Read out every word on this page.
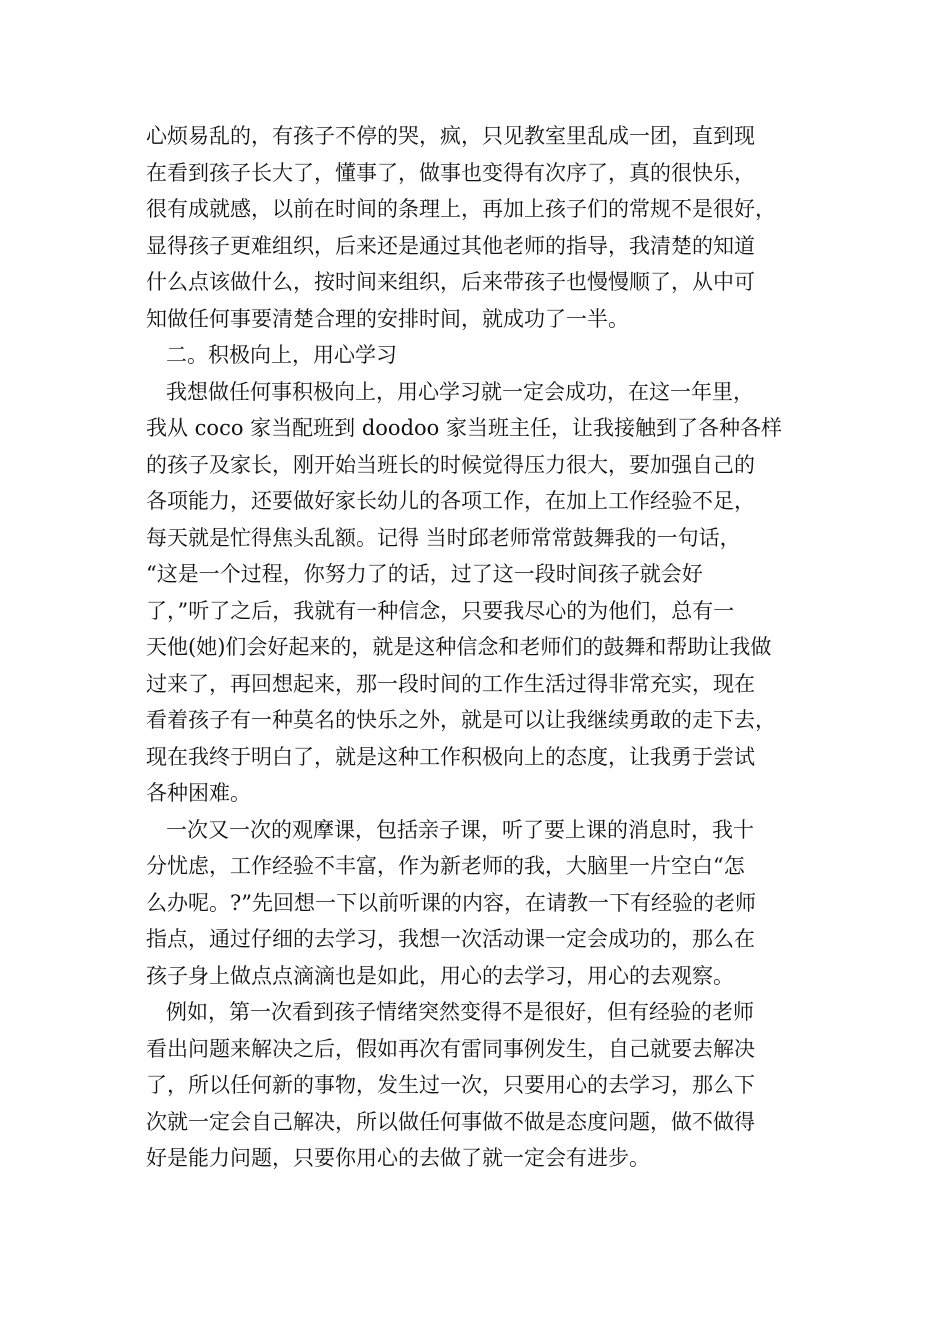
心烦易乱的，有孩子不停的哭，疯，只见教室里乱成一团，直到现
在看到孩子长大了，懂事了，做事也变得有次序了，真的很快乐，
很有成就感，以前在时间的条理上，再加上孩子们的常规不是很好，
显得孩子更难组织，后来还是通过其他老师的指导，我清楚的知道
什么点该做什么，按时间来组织，后来带孩子也慢慢顺了，从中可
知做任何事要清楚合理的安排时间，就成功了一半。
二。积极向上，用心学习
我想做任何事积极向上，用心学习就一定会成功，在这一年里，
我从 coco 家当配班到 doodoo 家当班主任，让我接触到了各种各样
的孩子及家长，刚开始当班长的时候觉得压力很大，要加强自己的
各项能力，还要做好家长幼儿的各项工作，在加上工作经验不足，
每天就是忙得焦头乱额。记得 当时邱老师常常鼓舞我的一句话，
“这是一个过程，你努力了的话，过了这一段时间孩子就会好
了，”听了之后，我就有一种信念，只要我尽心的为他们，总有一
天他(她)们会好起来的，就是这种信念和老师们的鼓舞和帮助让我做
过来了，再回想起来，那一段时间的工作生活过得非常充实，现在
看着孩子有一种莫名的快乐之外，就是可以让我继续勇敢的走下去，
现在我终于明白了，就是这种工作积极向上的态度，让我勇于尝试
各种困难。
一次又一次的观摩课，包括亲子课，听了要上课的消息时，我十
分忧虑，工作经验不丰富，作为新老师的我，大脑里一片空白“怎
么办呢。?”先回想一下以前听课的内容，在请教一下有经验的老师
指点，通过仔细的去学习，我想一次活动课一定会成功的，那么在
孩子身上做点点滴滴也是如此，用心的去学习，用心的去观察。
例如，第一次看到孩子情绪突然变得不是很好，但有经验的老师
看出问题来解决之后，假如再次有雷同事例发生，自己就要去解决
了，所以任何新的事物，发生过一次，只要用心的去学习，那么下
次就一定会自己解决，所以做任何事做不做是态度问题，做不做得
好是能力问题，只要你用心的去做了就一定会有进步。
